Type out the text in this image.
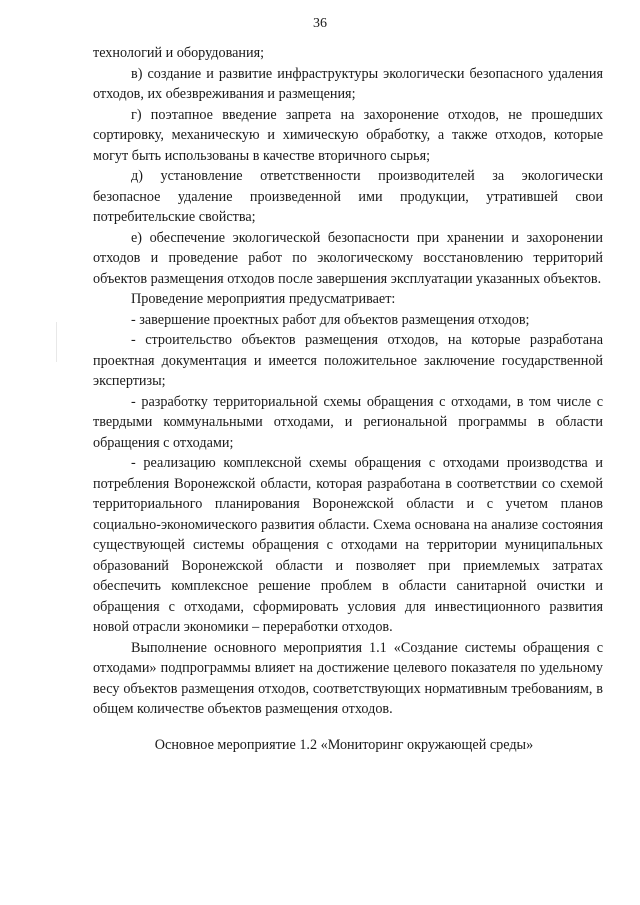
36

технологий и оборудования;

в) создание и развитие инфраструктуры экологически безопасного удаления отходов, их обезвреживания и размещения;

г) поэтапное введение запрета на захоронение отходов, не прошедших сортировку, механическую и химическую обработку, а также отходов, которые могут быть использованы в качестве вторичного сырья;

д) установление ответственности производителей за экологически безопасное удаление произведенной ими продукции, утратившей свои потребительские свойства;

е) обеспечение экологической безопасности при хранении и захоронении отходов и проведение работ по экологическому восстановлению территорий объектов размещения отходов после завершения эксплуатации указанных объектов.

Проведение мероприятия предусматривает:

- завершение проектных работ для объектов размещения отходов;

- строительство объектов размещения отходов, на которые разработана проектная документация и имеется положительное заключение государственной экспертизы;

- разработку территориальной схемы обращения с отходами, в том числе с твердыми коммунальными отходами, и региональной программы в области обращения с отходами;

- реализацию комплексной схемы обращения с отходами производства и потребления Воронежской области, которая разработана в соответствии со схемой территориального планирования Воронежской области и с учетом планов социально-экономического развития области. Схема основана на анализе состояния существующей системы обращения с отходами на территории муниципальных образований Воронежской области и позволяет при приемлемых затратах обеспечить комплексное решение проблем в области санитарной очистки и обращения с отходами, сформировать условия для инвестиционного развития новой отрасли экономики – переработки отходов.

Выполнение основного мероприятия 1.1 «Создание системы обращения с отходами» подпрограммы влияет на достижение целевого показателя по удельному весу объектов размещения отходов, соответствующих нормативным требованиям, в общем количестве объектов размещения отходов.

Основное мероприятие 1.2 «Мониторинг окружающей среды»
